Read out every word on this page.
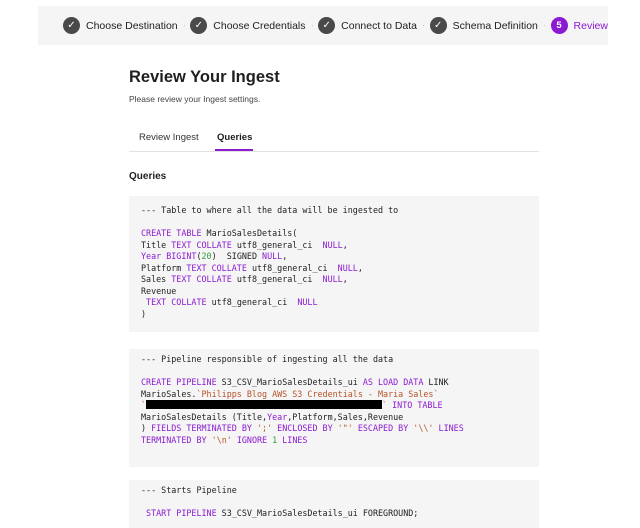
✓ Choose Destination	✓ Choose Credentials	✓ Connect to Data	✓ Schema Definition	5	Review
Review Your Ingest

Please review your Ingest settings.

Review Ingest Queries
Queries
--- Table to where all the data will be ingested to

CREATE TABLE MarioSalesDetails(
Title TEXT COLLATE utf8_general_ci  NULL,
Year BIGINT(20)  SIGNED NULL,
Platform TEXT COLLATE utf8_general_ci  NULL,
Sales TEXT COLLATE utf8_general_ci  NULL,
Revenue
TEXT COLLATE utf8_general_ci  NULL
)
--- Pipeline responsible of ingesting all the data

CREATE PIPELINE S3_CSV_MarioSalesDetails_ui AS LOAD DATA LINK
MarioSales.`Philipps Blog AWS S3 Credentials - Maria Sales`
`	` INTO TABLE
MarioSalesDetails (Title,Year,Platform,Sales,Revenue
) FIELDS TERMINATED BY ';' ENCLOSED BY '"' ESCAPED BY '\\' LINES
TERMINATED BY '\n' IGNORE 1 LINES
--- Starts Pipeline

START PIPELINE S3_CSV_MarioSalesDetails_ui FOREGROUND;
